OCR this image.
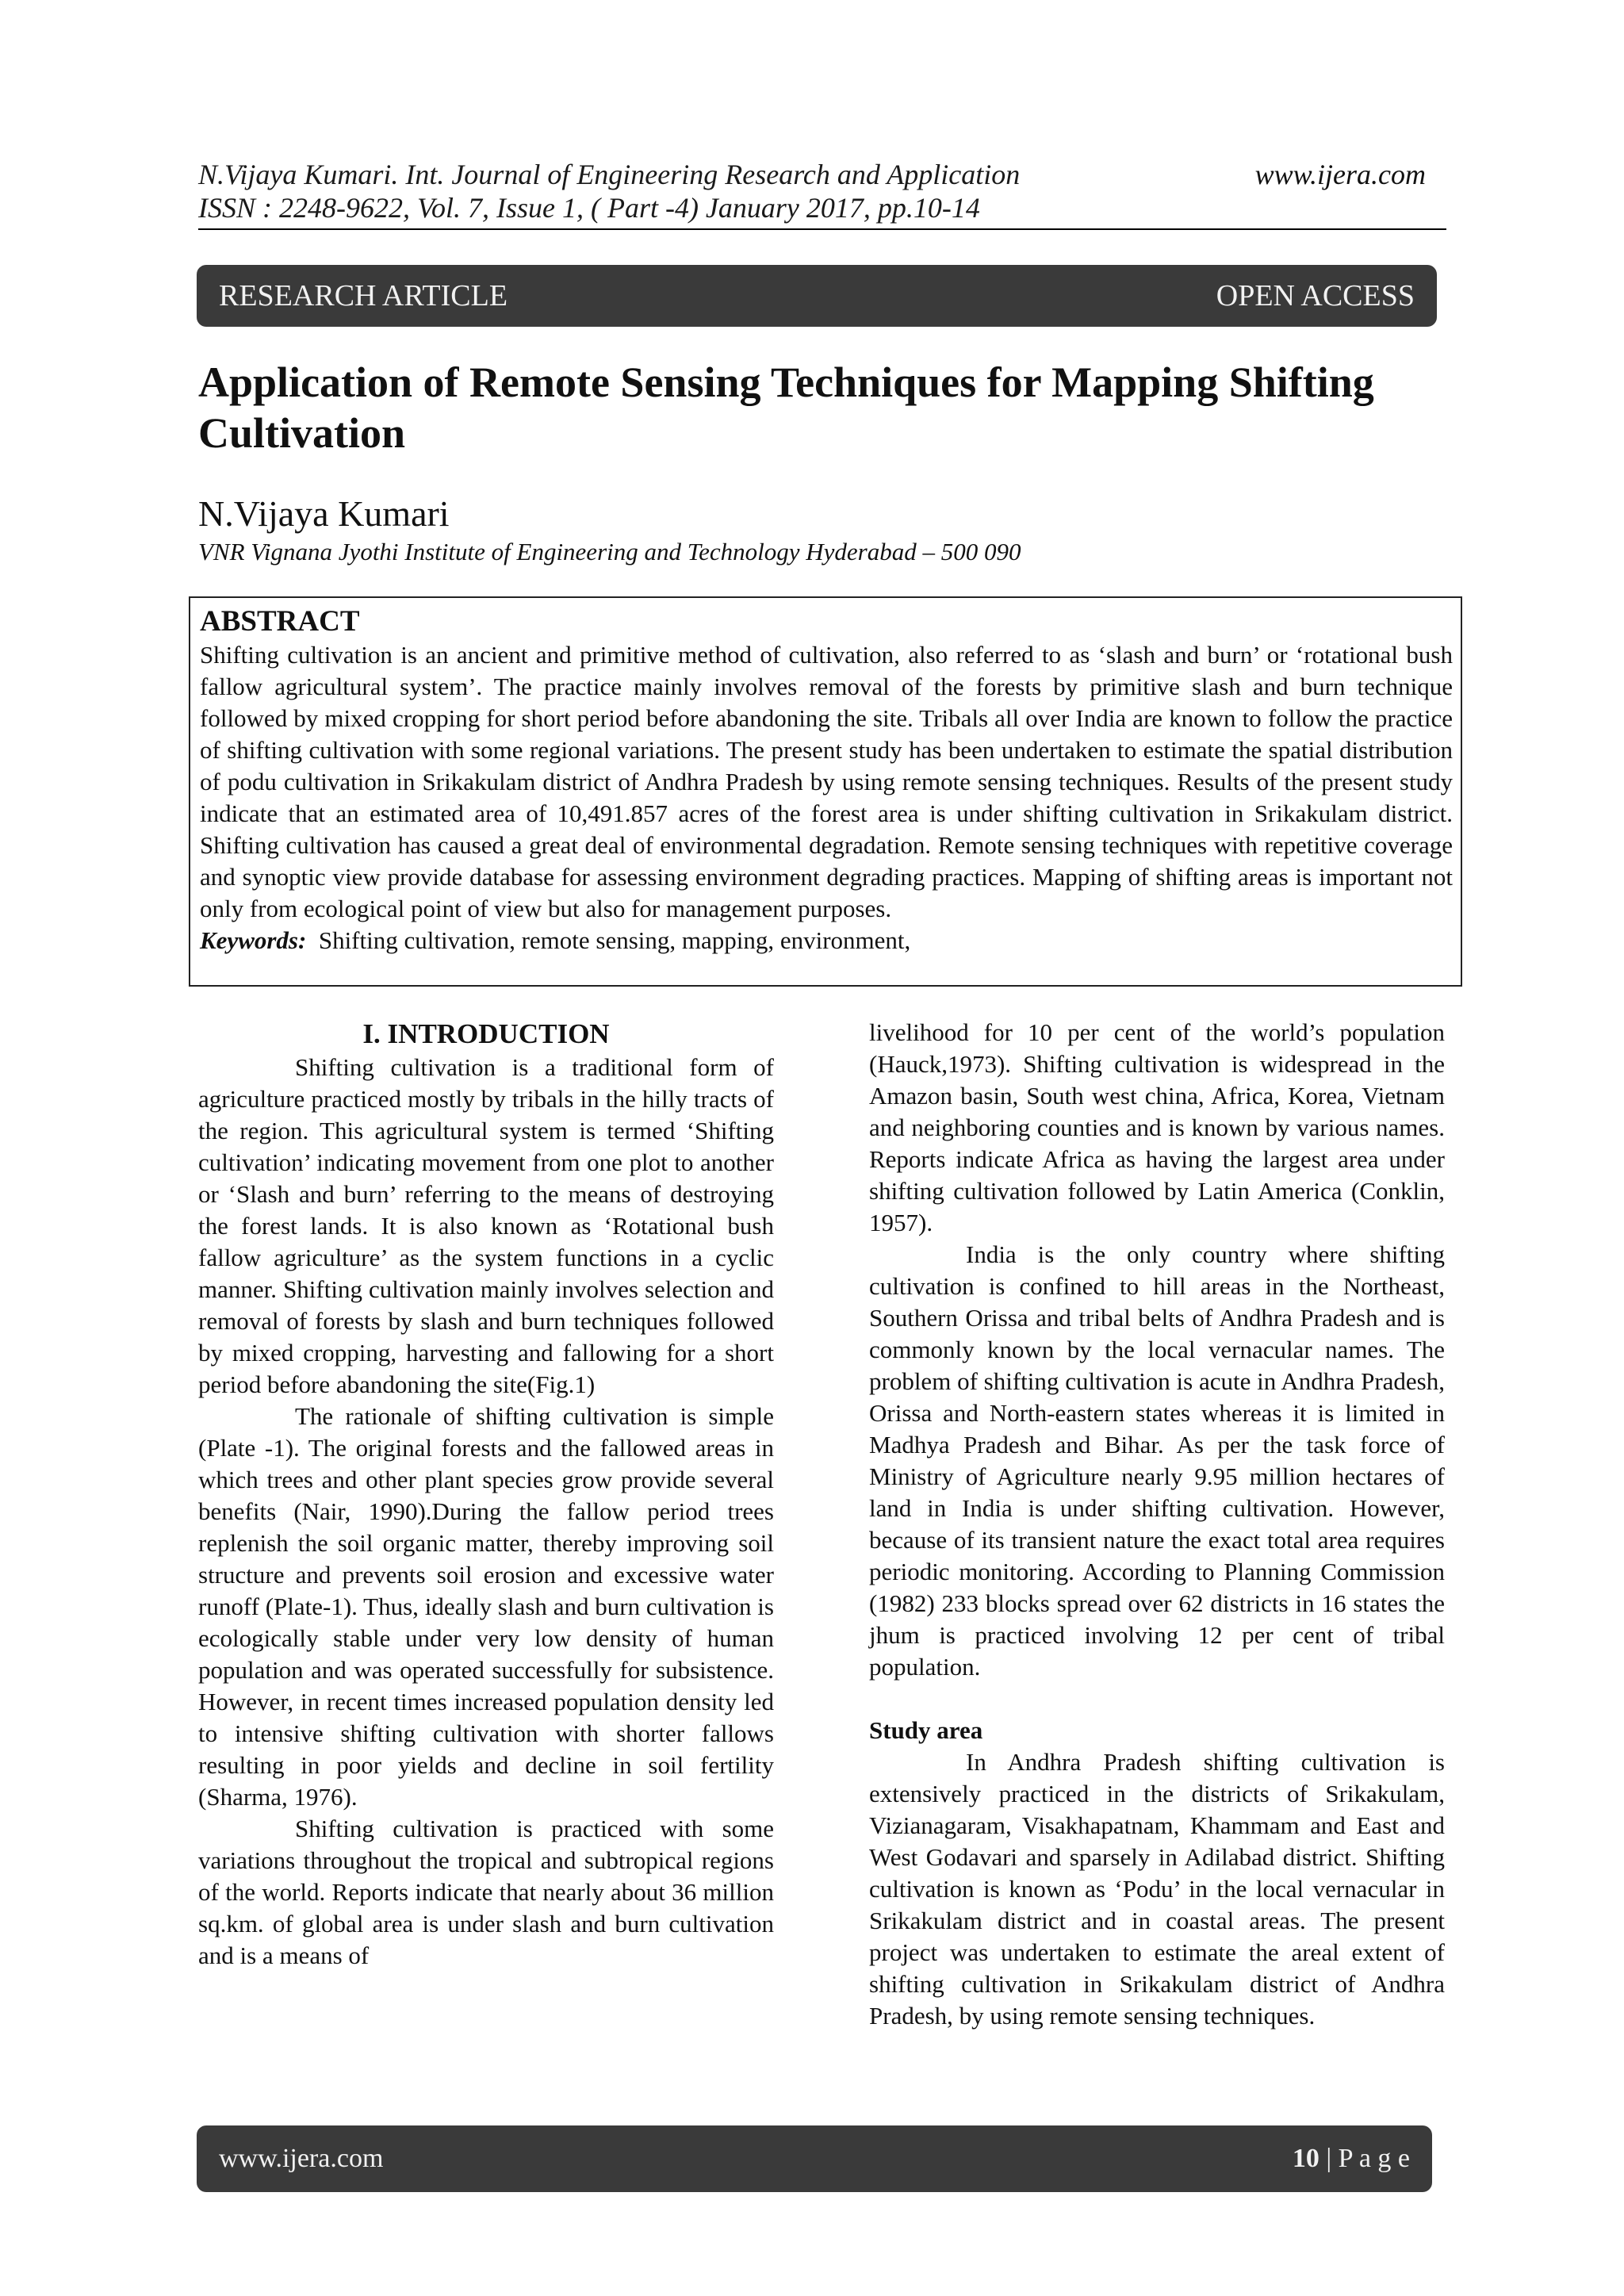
N.Vijaya Kumari. Int. Journal of Engineering Research and Application
ISSN : 2248-9622, Vol. 7, Issue 1, ( Part -4) January 2017, pp.10-14
www.ijera.com
RESEARCH ARTICLE	OPEN ACCESS
Application of Remote Sensing Techniques for Mapping Shifting Cultivation
N.Vijaya Kumari
VNR Vignana Jyothi Institute of Engineering and Technology Hyderabad – 500 090
ABSTRACT
Shifting cultivation is an ancient and primitive method of cultivation, also referred to as ‘slash and burn’ or ‘rotational bush fallow agricultural system’. The practice mainly involves removal of the forests by primitive slash and burn technique followed by mixed cropping for short period before abandoning the site. Tribals all over India are known to follow the practice of shifting cultivation with some regional variations. The present study has been undertaken to estimate the spatial distribution of podu cultivation in Srikakulam district of Andhra Pradesh by using remote sensing techniques. Results of the present study indicate that an estimated area of 10,491.857 acres of the forest area is under shifting cultivation in Srikakulam district. Shifting cultivation has caused a great deal of environmental degradation. Remote sensing techniques with repetitive coverage and synoptic view provide database for assessing environment degrading practices. Mapping of shifting areas is important not only from ecological point of view but also for management purposes.
Keywords: Shifting cultivation, remote sensing, mapping, environment,

I. INTRODUCTION

Shifting cultivation is a traditional form of agriculture practiced mostly by tribals in the hilly tracts of the region. This agricultural system is termed ‘Shifting cultivation’ indicating movement from one plot to another or ‘Slash and burn’ referring to the means of destroying the forest lands. It is also known as ‘Rotational bush fallow agriculture’ as the system functions in a cyclic manner. Shifting cultivation mainly involves selection and removal of forests by slash and burn techniques followed by mixed cropping, harvesting and fallowing for a short period before abandoning the site(Fig.1)

The rationale of shifting cultivation is simple (Plate -1). The original forests and the fallowed areas in which trees and other plant species grow provide several benefits (Nair, 1990).During the fallow period trees replenish the soil organic matter, thereby improving soil structure and prevents soil erosion and excessive water runoff (Plate-1). Thus, ideally slash and burn cultivation is ecologically stable under very low density of human population and was operated successfully for subsistence. However, in recent times increased population density led to intensive shifting cultivation with shorter fallows resulting in poor yields and decline in soil fertility (Sharma, 1976).

Shifting cultivation is practiced with some variations throughout the tropical and subtropical regions of the world. Reports indicate that nearly about 36 million sq.km. of global area is under slash and burn cultivation and is a means of

livelihood for 10 per cent of the world’s population (Hauck,1973). Shifting cultivation is widespread in the Amazon basin, South west china, Africa, Korea, Vietnam and neighboring counties and is known by various names. Reports indicate Africa as having the largest area under shifting cultivation followed by Latin America (Conklin, 1957).

India is the only country where shifting cultivation is confined to hill areas in the Northeast, Southern Orissa and tribal belts of Andhra Pradesh and is commonly known by the local vernacular names. The problem of shifting cultivation is acute in Andhra Pradesh, Orissa and North-eastern states whereas it is limited in Madhya Pradesh and Bihar. As per the task force of Ministry of Agriculture nearly 9.95 million hectares of land in India is under shifting cultivation. However, because of its transient nature the exact total area requires periodic monitoring. According to Planning Commission (1982) 233 blocks spread over 62 districts in 16 states the jhum is practiced involving 12 per cent of tribal population.

Study area

In Andhra Pradesh shifting cultivation is extensively practiced in the districts of Srikakulam, Vizianagaram, Visakhapatnam, Khammam and East and West Godavari and sparsely in Adilabad district. Shifting cultivation is known as ‘Podu’ in the local vernacular in Srikakulam district and in coastal areas. The present project was undertaken to estimate the areal extent of shifting cultivation in Srikakulam district of Andhra Pradesh, by using remote sensing techniques.

www.ijera.com	10 | P a g e
